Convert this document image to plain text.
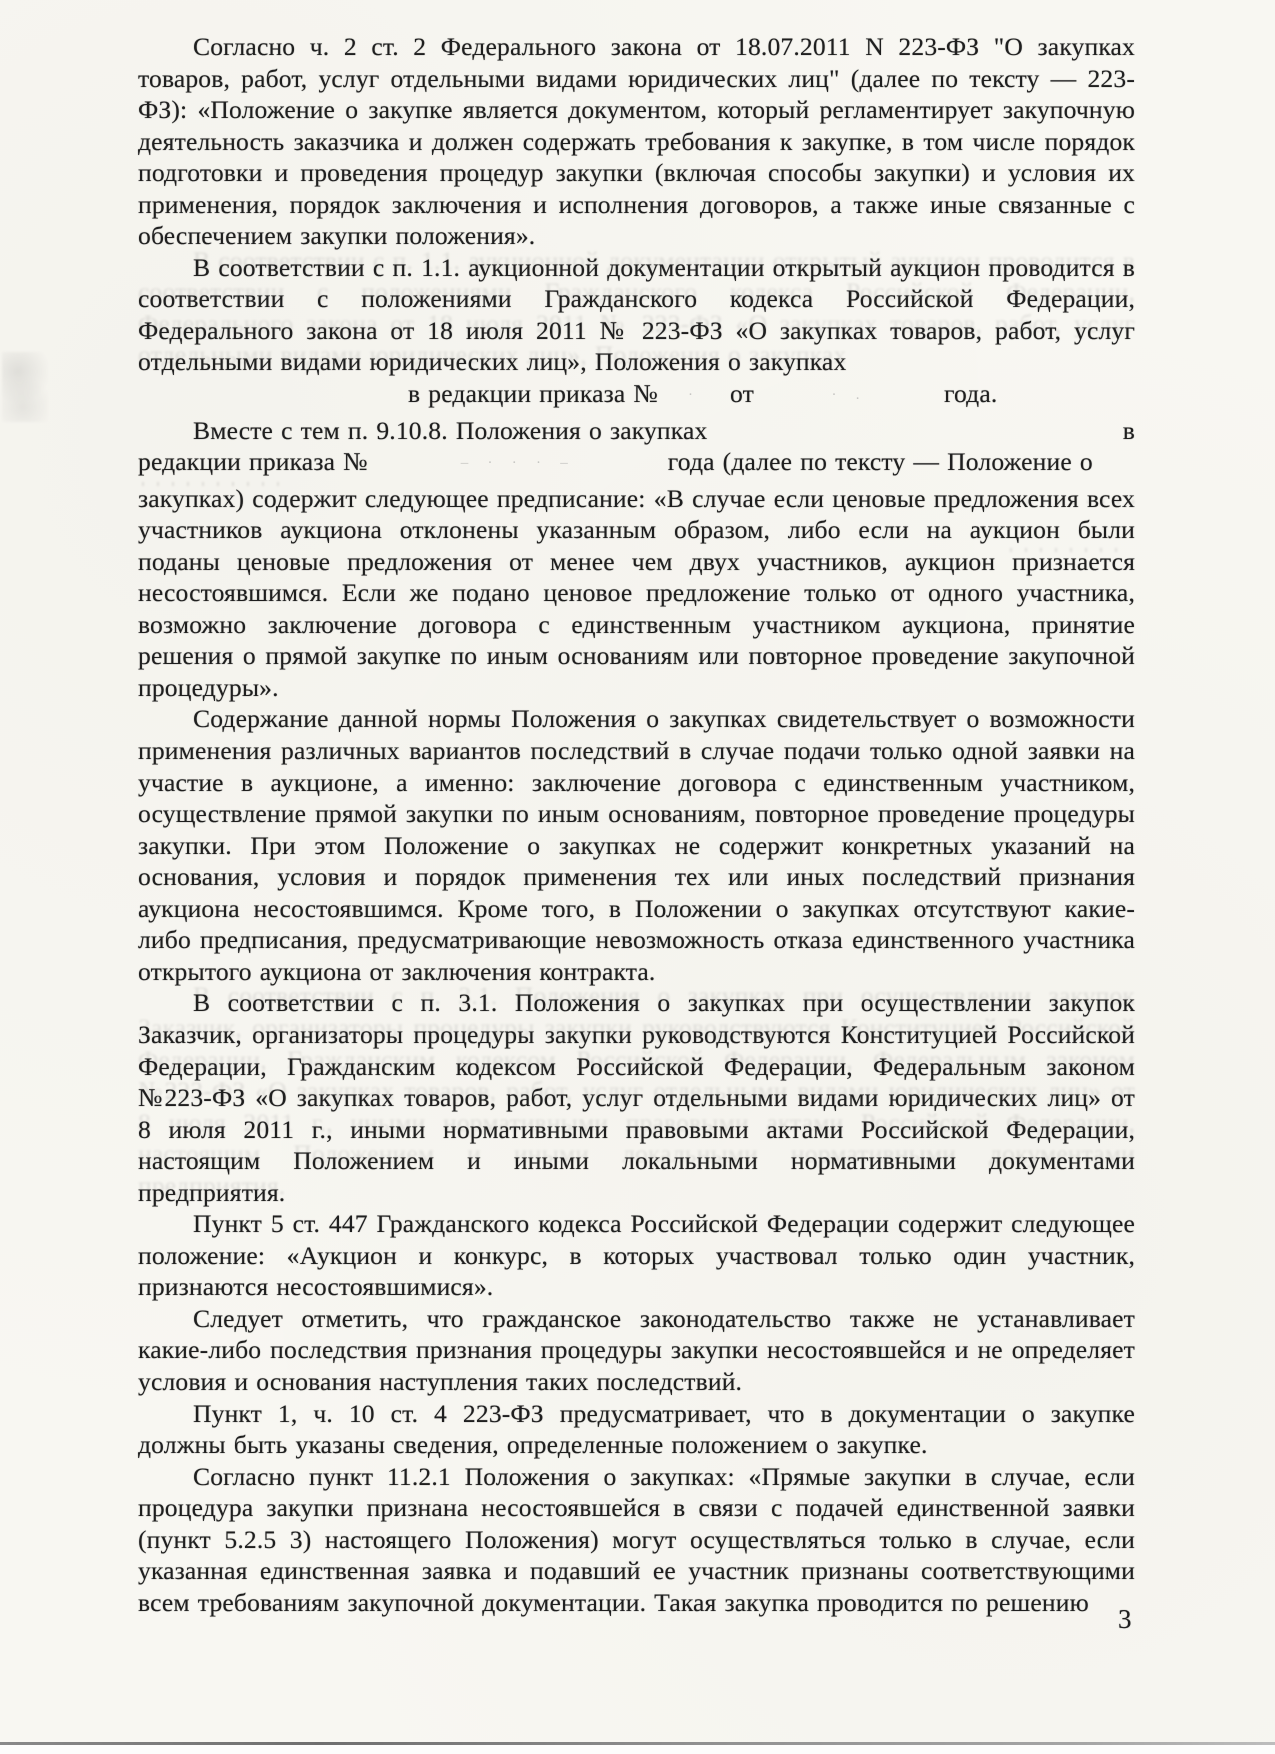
Согласно ч. 2 ст. 2 Федерального закона от 18.07.2011 N 223-ФЗ "О закупках товаров, работ, услуг отдельными видами юридических лиц" (далее по тексту — 223-ФЗ): «Положение о закупке является документом, который регламентирует закупочную деятельность заказчика и должен содержать требования к закупке, в том числе порядок подготовки и проведения процедур закупки (включая способы закупки) и условия их применения, порядок заключения и исполнения договоров, а также иные связанные с обеспечением закупки положения».

В соответствии с п. 1.1. аукционной документации открытый аукцион проводится в соответствии с положениями Гражданского кодекса Российской Федерации, Федерального закона от 18 июля 2011 № 223-ФЗ «О закупках товаров, работ, услуг отдельными видами юридических лиц», Положения о закупках

в редакции приказа №	·	от	· .	года.
Вместе с тем п. 9.10.8. Положения о закупках	в
редакции приказа №	– · · · –	года (далее по тексту — Положение о

закупках) содержит следующее предписание: «В случае если ценовые предложения всех участников аукциона отклонены указанным образом, либо если на аукцион были поданы ценовые предложения от менее чем двух участников, аукцион признается несостоявшимся. Если же подано ценовое предложение только от одного участника, возможно заключение договора с единственным участником аукциона, принятие решения о прямой закупке по иным основаниям или повторное проведение закупочной процедуры».

Содержание данной нормы Положения о закупках свидетельствует о возможности применения различных вариантов последствий в случае подачи только одной заявки на участие в аукционе, а именно: заключение договора с единственным участником, осуществление прямой закупки по иным основаниям, повторное проведение процедуры закупки. При этом Положение о закупках не содержит конкретных указаний на основания, условия и порядок применения тех или иных последствий признания аукциона несостоявшимся. Кроме того, в Положении о закупках отсутствуют какие-либо предписания, предусматривающие невозможность отказа единственного участника открытого аукциона от заключения контракта.

В соответствии с п. 3.1. Положения о закупках при осуществлении закупок Заказчик, организаторы процедуры закупки руководствуются Конституцией Российской Федерации, Гражданским кодексом Российской Федерации, Федеральным законом №223-ФЗ «О закупках товаров, работ, услуг отдельными видами юридических лиц» от 8 июля 2011 г., иными нормативными правовыми актами Российской Федерации, настоящим Положением и иными локальными нормативными документами предприятия.

Пункт 5 ст. 447 Гражданского кодекса Российской Федерации содержит следующее положение: «Аукцион и конкурс, в которых участвовал только один участник, признаются несостоявшимися».

Следует отметить, что гражданское законодательство также не устанавливает какие-либо последствия признания процедуры закупки несостоявшейся и не определяет условия и основания наступления таких последствий.

Пункт 1, ч. 10 ст. 4 223-ФЗ предусматривает, что в документации о закупке должны быть указаны сведения, определенные положением о закупке.

Согласно пункт 11.2.1 Положения о закупках: «Прямые закупки в случае, если процедура закупки признана несостоявшейся в связи с подачей единственной заявки (пункт 5.2.5 3) настоящего Положения) могут осуществляться только в случае, если указанная единственная заявка и подавший ее участник признаны соответствующими всем требованиям закупочной документации. Такая закупка проводится по решению

3
